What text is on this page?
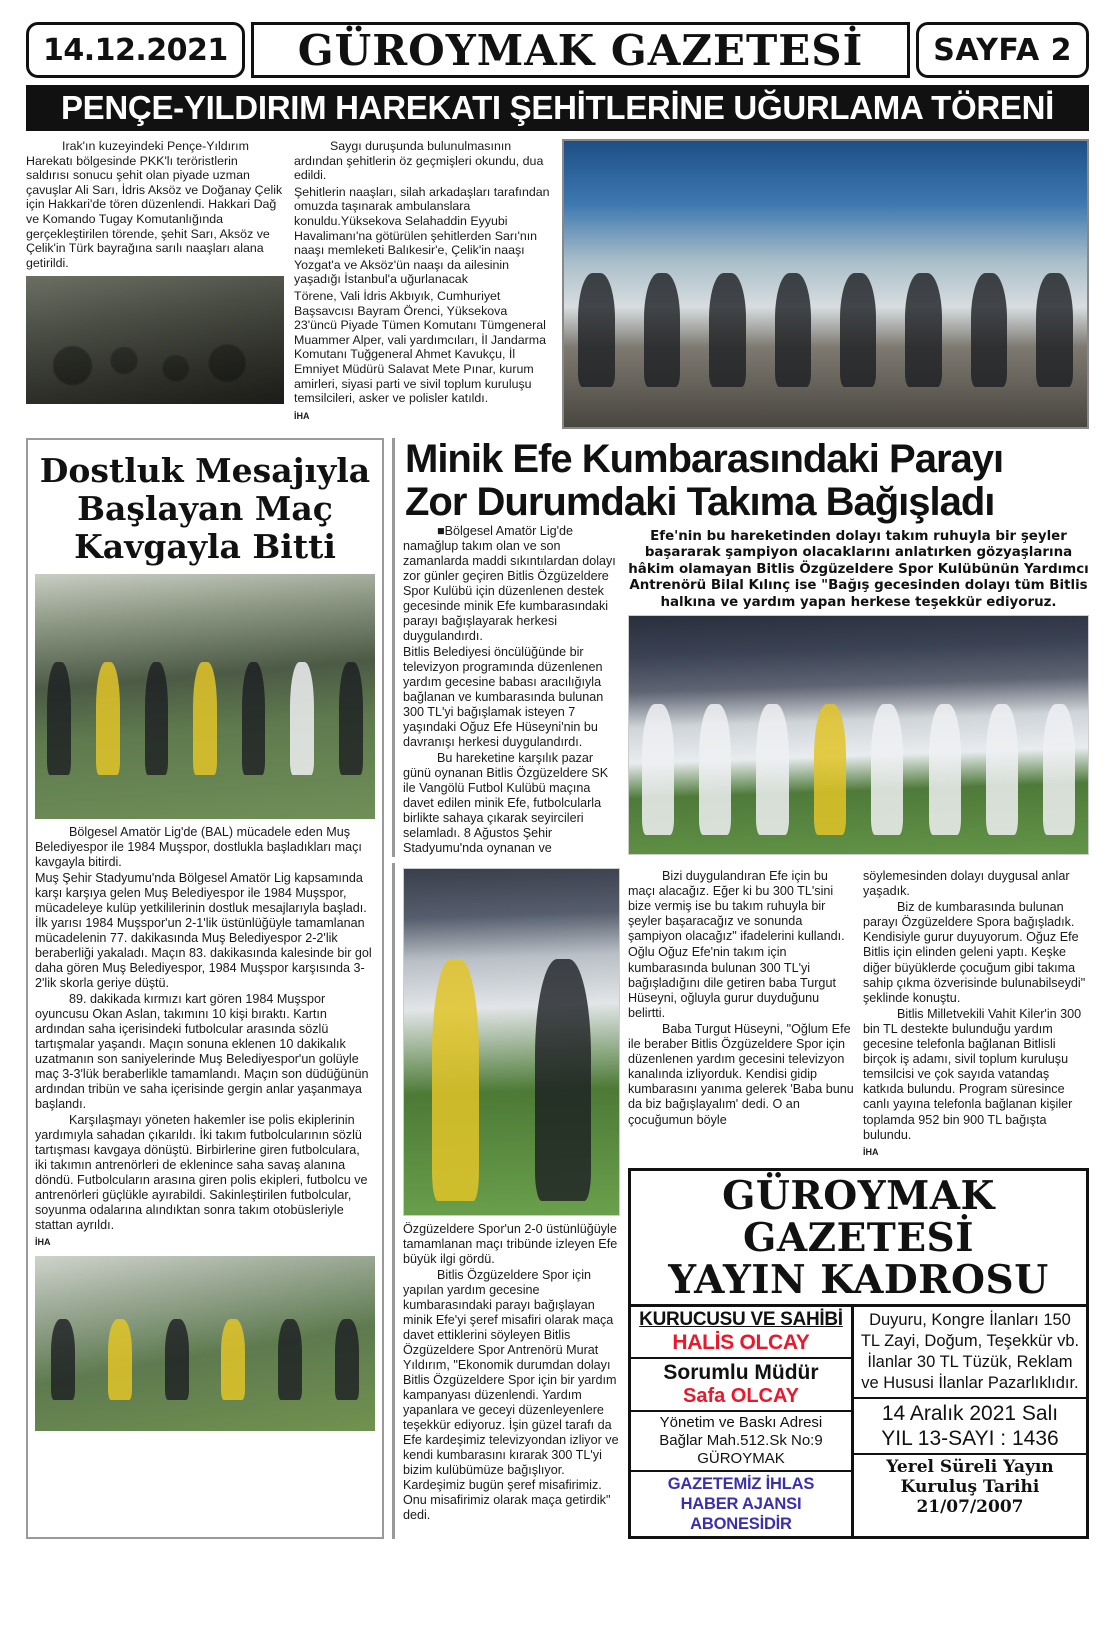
14.12.2021	GÜROYMAK GAZETESİ	SAYFA 2
PENÇE-YILDIRIM HAREKATI ŞEHİTLERİNE UĞURLAMA TÖRENİ

Irak'ın kuzeyindeki Pençe-Yıldırım Harekatı bölgesinde PKK'lı teröristlerin saldırısı sonucu şehit olan piyade uzman çavuşlar Ali Sarı, İdris Aksöz ve Doğanay Çelik için Hakkari'de tören düzenlendi. Hakkari Dağ ve Komando Tugay Komutanlığında gerçekleştirilen törende, şehit Sarı, Aksöz ve Çelik'in Türk bayrağına sarılı naaşları alana getirildi.

Saygı duruşunda bulunulmasının ardından şehitlerin öz geçmişleri okundu, dua edildi.

Şehitlerin naaşları, silah arkadaşları tarafından omuzda taşınarak ambulanslara konuldu.Yüksekova Selahaddin Eyyubi Havalimanı'na götürülen şehitlerden Sarı'nın naaşı memleketi Balıkesir'e, Çelik'in naaşı Yozgat'a ve Aksöz'ün naaşı da ailesinin yaşadığı İstanbul'a uğurlanacak

Törene, Vali İdris Akbıyık, Cumhuriyet Başsavcısı Bayram Örenci, Yüksekova 23'üncü Piyade Tümen Komutanı Tümgeneral Muammer Alper, vali yardımcıları, İl Jandarma Komutanı Tuğgeneral Ahmet Kavukçu, İl Emniyet Müdürü Salavat Mete Pınar, kurum amirleri, siyasi parti ve sivil toplum kuruluşu temsilcileri, asker ve polisler katıldı.

İHA
Dostluk Mesajıyla
Başlayan Maç
Kavgayla Bitti

Bölgesel Amatör Lig'de (BAL) mücadele eden Muş Belediyespor ile 1984 Muşspor, dostlukla başladıkları maçı kavgayla bitirdi.

Muş Şehir Stadyumu'nda Bölgesel Amatör Lig kapsamında karşı karşıya gelen Muş Belediyespor ile 1984 Muşspor, mücadeleye kulüp yetkililerinin dostluk mesajlarıyla başladı. İlk yarısı 1984 Muşspor'un 2-1'lik üstünlüğüyle tamamlanan mücadelenin 77. dakikasında Muş Belediyespor 2-2'lik beraberliği yakaladı. Maçın 83. dakikasında kalesinde bir gol daha gören Muş Belediyespor, 1984 Muşspor karşısında 3-2'lik skorla geriye düştü.

89. dakikada kırmızı kart gören 1984 Muşspor oyuncusu Okan Aslan, takımını 10 kişi bıraktı. Kartın ardından saha içerisindeki futbolcular arasında sözlü tartışmalar yaşandı. Maçın sonuna eklenen 10 dakikalık uzatmanın son saniyelerinde Muş Belediyespor'un golüyle maç 3-3'lük beraberlikle tamamlandı. Maçın son düdüğünün ardından tribün ve saha içerisinde gergin anlar yaşanmaya başlandı.

Karşılaşmayı yöneten hakemler ise polis ekiplerinin yardımıyla sahadan çıkarıldı. İki takım futbolcularının sözlü tartışması kavgaya dönüştü. Birbirlerine giren futbolculara, iki takımın antrenörleri de eklenince saha savaş alanına döndü. Futbolcuların arasına giren polis ekipleri, futbolcu ve antrenörleri güçlükle ayırabildi. Sakinleştirilen futbolcular, soyunma odalarına alındıktan sonra takım otobüsleriyle stattan ayrıldı.

İHA
Minik Efe Kumbarasındaki Parayı
Zor Durumdaki Takıma Bağışladı

■Bölgesel Amatör Lig'de namağlup takım olan ve son zamanlarda maddi sıkıntılardan dolayı zor günler geçiren Bitlis Özgüzeldere Spor Kulübü için düzenlenen destek gecesinde minik Efe kumbarasındaki parayı bağışlayarak herkesi duygulandırdı.

Bitlis Belediyesi öncülüğünde bir televizyon programında düzenlenen yardım gecesine babası aracılığıyla bağlanan ve kumbarasında bulunan 300 TL'yi bağışlamak isteyen 7 yaşındaki Oğuz Efe Hüseyni'nin bu davranışı herkesi duygulandırdı.

Bu hareketine karşılık pazar günü oynanan Bitlis Özgüzeldere SK ile Vangölü Futbol Kulübü maçına davet edilen minik Efe, futbolcularla birlikte sahaya çıkarak seyircileri selamladı. 8 Ağustos Şehir Stadyumu'nda oynanan ve

Efe'nin bu hareketinden dolayı takım ruhuyla bir şeyler başararak şampiyon olacaklarını anlatırken gözyaşlarına hâkim olamayan Bitlis Özgüzeldere Spor Kulübünün Yardımcı Antrenörü Bilal Kılınç ise "Bağış gecesinden dolayı tüm Bitlis halkına ve yardım yapan herkese teşekkür ediyoruz.

Özgüzeldere Spor'un 2-0 üstünlüğüyle tamamlanan maçı tribünde izleyen Efe büyük ilgi gördü.

Bitlis Özgüzeldere Spor için yapılan yardım gecesine kumbarasındaki parayı bağışlayan minik Efe'yi şeref misafiri olarak maça davet ettiklerini söyleyen Bitlis Özgüzeldere Spor Antrenörü Murat Yıldırım, "Ekonomik durumdan dolayı Bitlis Özgüzeldere Spor için bir yardım kampanyası düzenlendi. Yardım yapanlara ve geceyi düzenleyenlere teşekkür ediyoruz. İşin güzel tarafı da Efe kardeşimiz televizyondan izliyor ve kendi kumbarasını kırarak 300 TL'yi bizim kulübümüze bağışlıyor. Kardeşimiz bugün şeref misafirimiz. Onu misafirimiz olarak maça getirdik" dedi.

Bizi duygulandıran Efe için bu maçı alacağız. Eğer ki bu 300 TL'sini bize vermiş ise bu takım ruhuyla bir şeyler başaracağız ve sonunda şampiyon olacağız" ifadelerini kullandı.

Oğlu Oğuz Efe'nin takım için kumbarasında bulunan 300 TL'yi bağışladığını dile getiren baba Turgut Hüseyni, oğluyla gurur duyduğunu belirtti.

Baba Turgut Hüseyni, "Oğlum Efe ile beraber Bitlis Özgüzeldere Spor için düzenlenen yardım gecesini televizyon kanalında izliyorduk. Kendisi gidip kumbarasını yanıma gelerek 'Baba bunu da biz bağışlayalım' dedi. O an çocuğumun böyle

söylemesinden dolayı duygusal anlar yaşadık.

Biz de kumbarasında bulunan parayı Özgüzeldere Spora bağışladık. Kendisiyle gurur duyuyorum. Oğuz Efe Bitlis için elinden geleni yaptı. Keşke diğer büyüklerde çocuğum gibi takıma sahip çıkma özverisinde bulunabilseydi" şeklinde konuştu.

Bitlis Milletvekili Vahit Kiler'in 300 bin TL destekte bulunduğu yardım gecesine telefonla bağlanan Bitlisli birçok iş adamı, sivil toplum kuruluşu temsilcisi ve çok sayıda vatandaş katkıda bulundu. Program süresince canlı yayına telefonla bağlanan kişiler toplamda 952 bin 900 TL bağışta bulundu.

İHA
GÜROYMAK GAZETESİ
YAYIN KADROSU
KURUCUSU VE SAHİBİ
HALİS OLCAY
Sorumlu Müdür
Safa OLCAY
Yönetim ve Baskı Adresi
Bağlar Mah.512.Sk No:9
GÜROYMAK
GAZETEMİZ İHLAS
HABER AJANSI ABONESİDİR
Duyuru, Kongre İlanları 150 TL Zayi, Doğum, Teşekkür vb. İlanlar 30 TL Tüzük, Reklam ve Hususi İlanlar Pazarlıklıdır.
14 Aralık 2021 Salı
YIL 13-SAYI : 1436
Yerel Süreli Yayın
Kuruluş Tarihi
21/07/2007
